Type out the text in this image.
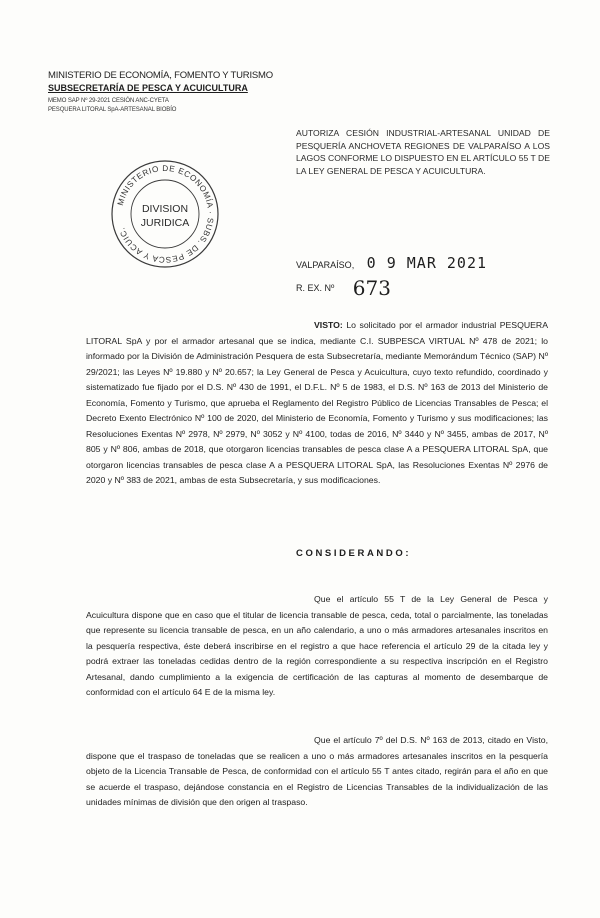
MINISTERIO DE ECONOMÍA, FOMENTO Y TURISMO
SUBSECRETARÍA DE PESCA Y ACUICULTURA
MEMO SAP Nº 29-2021 CESIÓN ANC-CYETA
PESQUERA LITORAL SpA-ARTESANAL BIOBÍO
AUTORIZA CESIÓN INDUSTRIAL-ARTESANAL UNIDAD DE PESQUERÍA ANCHOVETA REGIONES DE VALPARAÍSO A LOS LAGOS CONFORME LO DISPUESTO EN EL ARTÍCULO 55 T DE LA LEY GENERAL DE PESCA Y ACUICULTURA.
MINISTERIO DE ECONOMÍA · SUBS. DE PESCA Y ACUIC.
DIVISION
JURIDICA
VALPARAÍSO, 0 9 MAR 2021
R. EX. Nº 673
VISTO: Lo solicitado por el armador industrial PESQUERA LITORAL SpA y por el armador artesanal que se indica, mediante C.I. SUBPESCA VIRTUAL Nº 478 de 2021; lo informado por la División de Administración Pesquera de esta Subsecretaría, mediante Memorándum Técnico (SAP) Nº 29/2021; las Leyes Nº 19.880 y Nº 20.657; la Ley General de Pesca y Acuicultura, cuyo texto refundido, coordinado y sistematizado fue fijado por el D.S. Nº 430 de 1991, el D.F.L. Nº 5 de 1983, el D.S. Nº 163 de 2013 del Ministerio de Economía, Fomento y Turismo, que aprueba el Reglamento del Registro Público de Licencias Transables de Pesca; el Decreto Exento Electrónico Nº 100 de 2020, del Ministerio de Economía, Fomento y Turismo y sus modificaciones; las Resoluciones Exentas Nº 2978, Nº 2979, Nº 3052 y Nº 4100, todas de 2016, Nº 3440 y Nº 3455, ambas de 2017, Nº 805 y Nº 806, ambas de 2018, que otorgaron licencias transables de pesca clase A a PESQUERA LITORAL SpA, que otorgaron licencias transables de pesca clase A a PESQUERA LITORAL SpA, las Resoluciones Exentas Nº 2976 de 2020 y Nº 383 de 2021, ambas de esta Subsecretaría, y sus modificaciones.
CONSIDERANDO:
Que el artículo 55 T de la Ley General de Pesca y Acuicultura dispone que en caso que el titular de licencia transable de pesca, ceda, total o parcialmente, las toneladas que represente su licencia transable de pesca, en un año calendario, a uno o más armadores artesanales inscritos en la pesquería respectiva, éste deberá inscribirse en el registro a que hace referencia el artículo 29 de la citada ley y podrá extraer las toneladas cedidas dentro de la región correspondiente a su respectiva inscripción en el Registro Artesanal, dando cumplimiento a la exigencia de certificación de las capturas al momento de desembarque de conformidad con el artículo 64 E de la misma ley.
Que el artículo 7º del D.S. Nº 163 de 2013, citado en Visto, dispone que el traspaso de toneladas que se realicen a uno o más armadores artesanales inscritos en la pesquería objeto de la Licencia Transable de Pesca, de conformidad con el artículo 55 T antes citado, regirán para el año en que se acuerde el traspaso, dejándose constancia en el Registro de Licencias Transables de la individualización de las unidades mínimas de división que den origen al traspaso.
